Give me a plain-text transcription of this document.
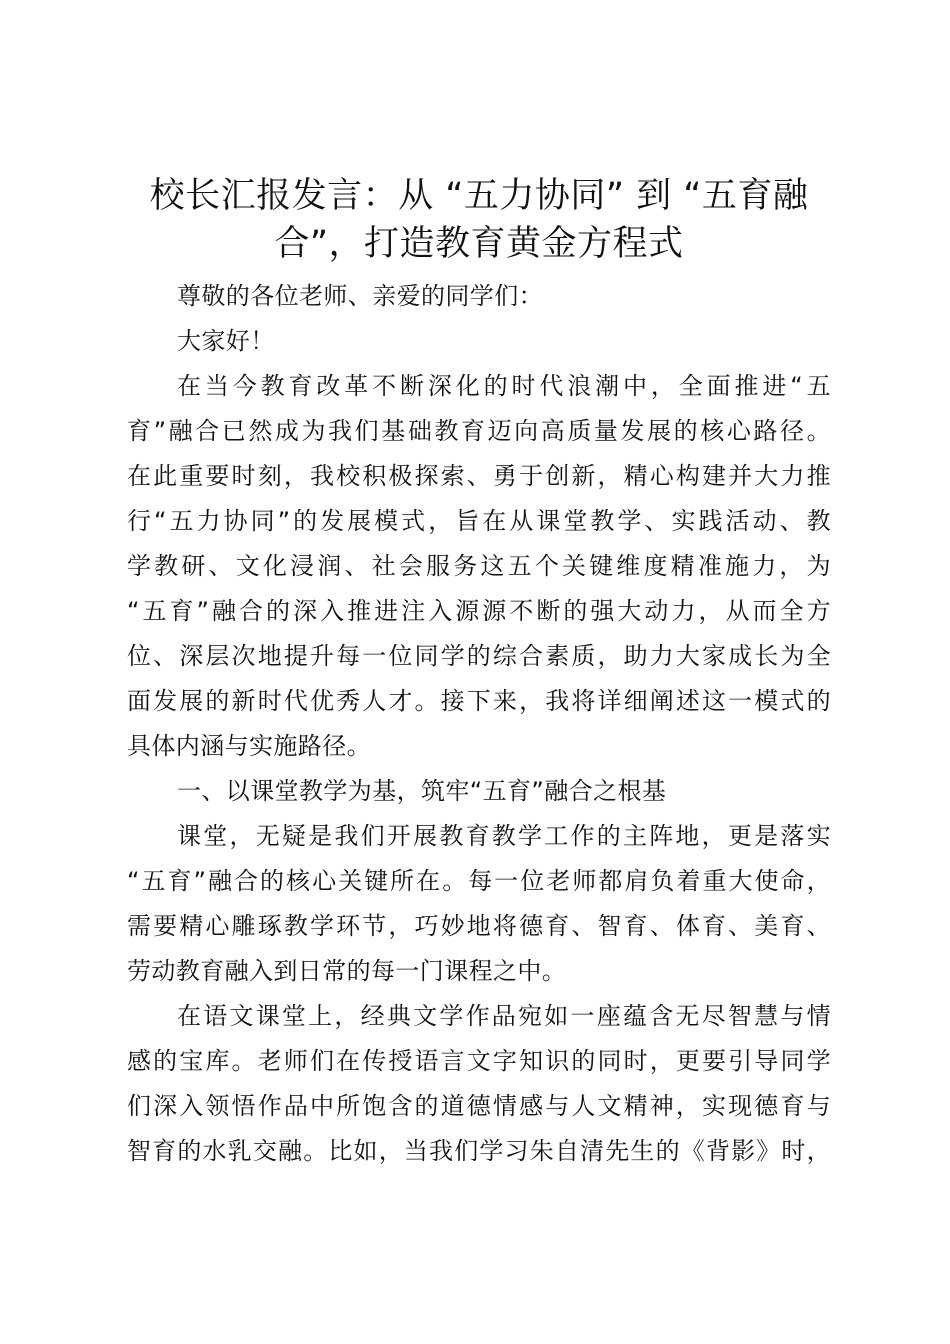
校长汇报发言：从 “五力协同” 到 “五育融
合”，打造教育黄金方程式
尊敬的各位老师、亲爱的同学们：
大家好！
在当今教育改革不断深化的时代浪潮中，全面推进“五
育”融合已然成为我们基础教育迈向高质量发展的核心路径。
在此重要时刻，我校积极探索、勇于创新，精心构建并大力推
行“五力协同”的发展模式，旨在从课堂教学、实践活动、教
学教研、文化浸润、社会服务这五个关键维度精准施力，为
“五育”融合的深入推进注入源源不断的强大动力，从而全方
位、深层次地提升每一位同学的综合素质，助力大家成长为全
面发展的新时代优秀人才。接下来，我将详细阐述这一模式的
具体内涵与实施路径。
一、以课堂教学为基，筑牢“五育”融合之根基
课堂，无疑是我们开展教育教学工作的主阵地，更是落实
“五育”融合的核心关键所在。每一位老师都肩负着重大使命，
需要精心雕琢教学环节，巧妙地将德育、智育、体育、美育、
劳动教育融入到日常的每一门课程之中。
在语文课堂上，经典文学作品宛如一座蕴含无尽智慧与情
感的宝库。老师们在传授语言文字知识的同时，更要引导同学
们深入领悟作品中所饱含的道德情感与人文精神，实现德育与
智育的水乳交融。比如，当我们学习朱自清先生的《背影》时，
